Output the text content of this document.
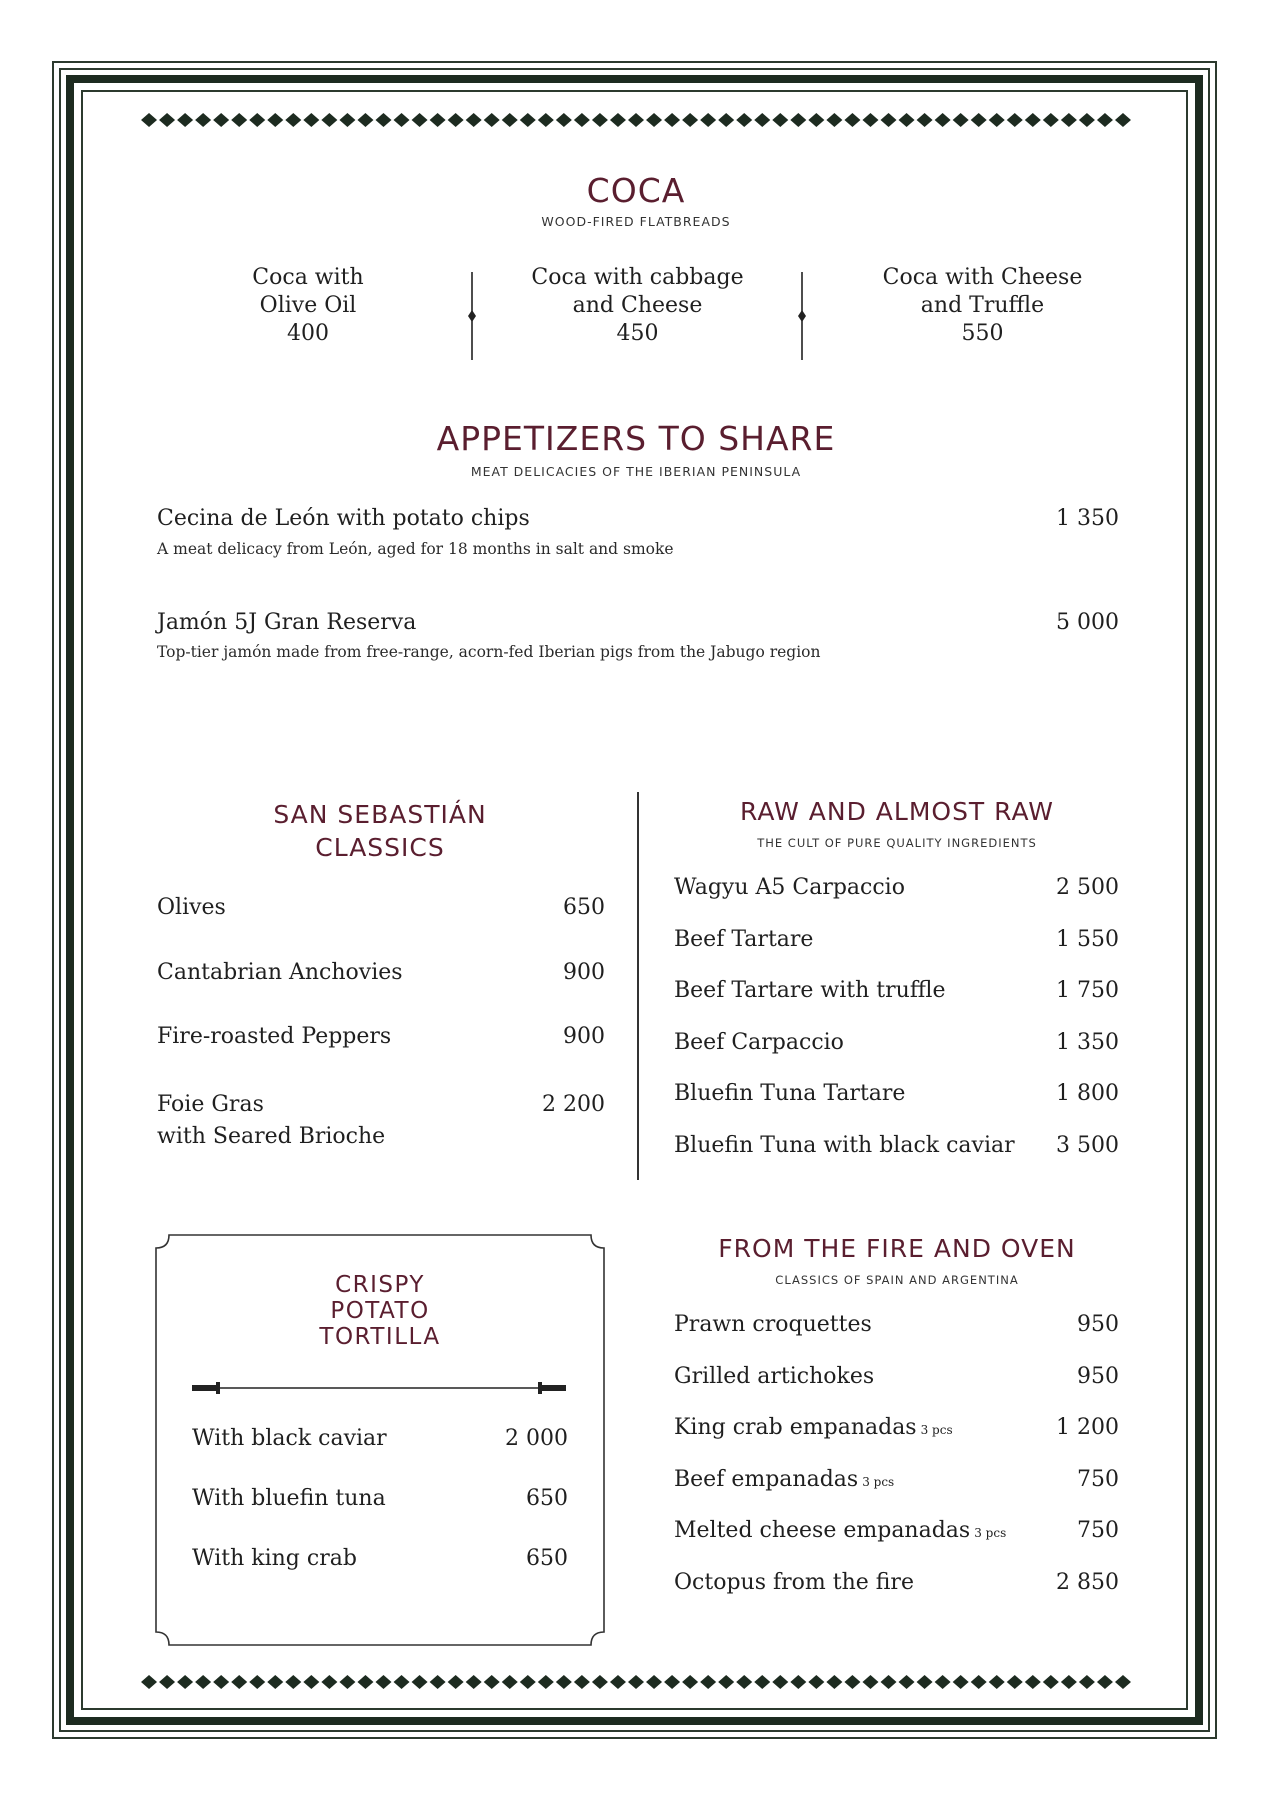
COCA

WOOD-FIRED FLATBREADS

Coca with
Olive Oil
400
Coca with cabbage
and Cheese
450
Coca with Cheese
and Truffle
550
APPETIZERS TO SHARE

MEAT DELICACIES OF THE IBERIAN PENINSULA

Cecina de León with potato chips	1 350
A meat delicacy from León, aged for 18 months in salt and smoke
Jamón 5J Gran Reserva	5 000
Top-tier jamón made from free-range, acorn-fed Iberian pigs from the Jabugo region
SAN SEBASTIÁN
CLASSICS
Olives	650
Cantabrian Anchovies	900
Fire-roasted Peppers	900
Foie Gras
with Seared Brioche
2 200
RAW AND ALMOST RAW

THE CULT OF PURE QUALITY INGREDIENTS

Wagyu A5 Carpaccio	2 500
Beef Tartare	1 550
Beef Tartare with truffle	1 750
Beef Carpaccio	1 350
Bluefin Tuna Tartare	1 800
Bluefin Tuna with black caviar 3 500
CRISPY
POTATO
TORTILLA
With black caviar	2 000
With bluefin tuna	650
With king crab	650
FROM THE FIRE AND OVEN

CLASSICS OF SPAIN AND ARGENTINA

Prawn croquettes	950
Grilled artichokes	950
King crab empanadas 3 pcs	1 200
Beef empanadas 3 pcs	750
Melted cheese empanadas 3 pcs	750
Octopus from the fire	2 850
